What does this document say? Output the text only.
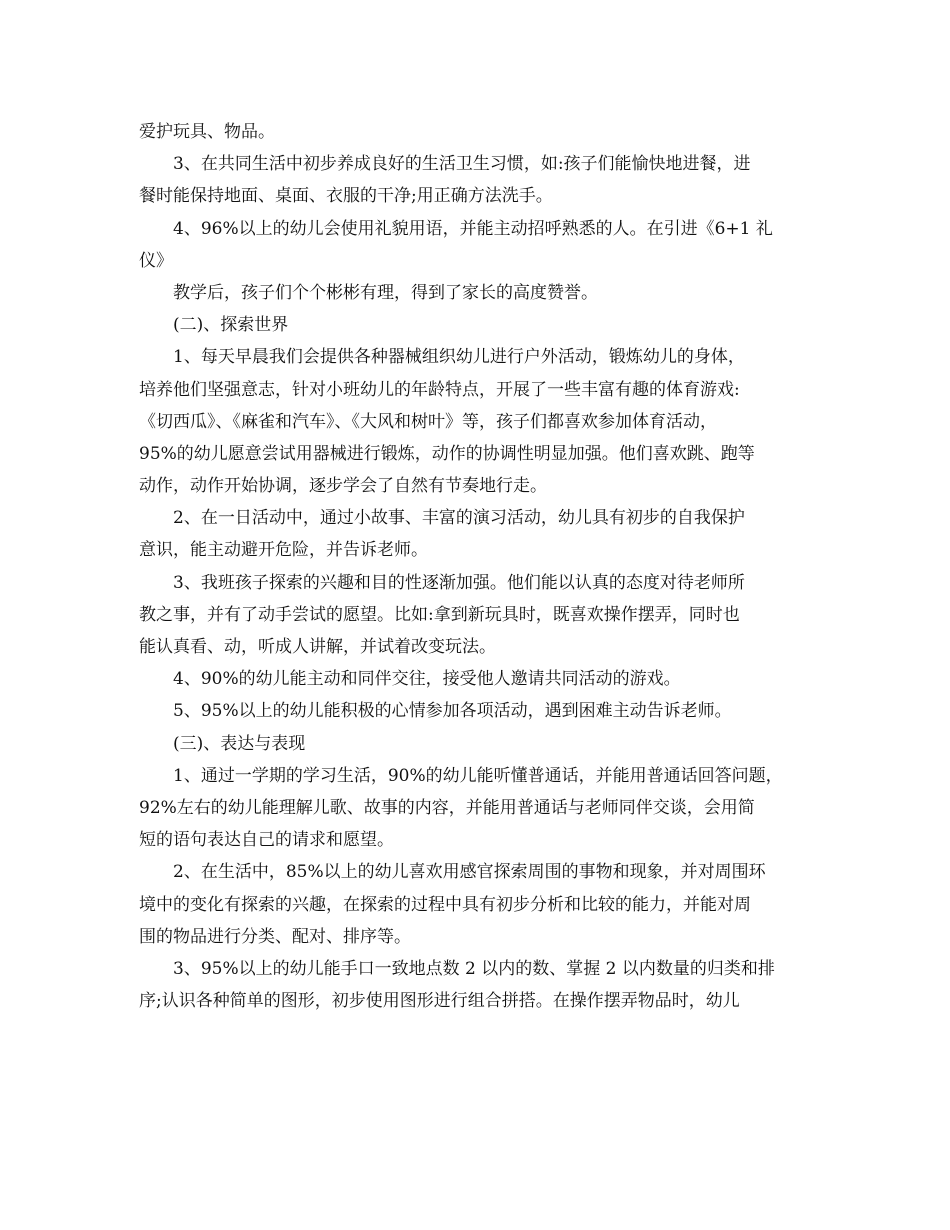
爱护玩具、物品。
3、在共同生活中初步养成良好的生活卫生习惯，如:孩子们能愉快地进餐，进
餐时能保持地面、桌面、衣服的干净;用正确方法洗手。
4、96%以上的幼儿会使用礼貌用语，并能主动招呼熟悉的人。在引进《6+1 礼
仪》
教学后，孩子们个个彬彬有理，得到了家长的高度赞誉。
(二)、探索世界
1、每天早晨我们会提供各种器械组织幼儿进行户外活动，锻炼幼儿的身体，
培养他们坚强意志，针对小班幼儿的年龄特点，开展了一些丰富有趣的体育游戏:
《切西瓜》、《麻雀和汽车》、《大风和树叶》等，孩子们都喜欢参加体育活动，
95%的幼儿愿意尝试用器械进行锻炼，动作的协调性明显加强。他们喜欢跳、跑等
动作，动作开始协调，逐步学会了自然有节奏地行走。
2、在一日活动中，通过小故事、丰富的演习活动，幼儿具有初步的自我保护
意识，能主动避开危险，并告诉老师。
3、我班孩子探索的兴趣和目的性逐渐加强。他们能以认真的态度对待老师所
教之事，并有了动手尝试的愿望。比如:拿到新玩具时，既喜欢操作摆弄，同时也
能认真看、动，听成人讲解，并试着改变玩法。
4、90%的幼儿能主动和同伴交往，接受他人邀请共同活动的游戏。
5、95%以上的幼儿能积极的心情参加各项活动，遇到困难主动告诉老师。
(三)、表达与表现
1、通过一学期的学习生活，90%的幼儿能听懂普通话，并能用普通话回答问题，
92%左右的幼儿能理解儿歌、故事的内容，并能用普通话与老师同伴交谈，会用简
短的语句表达自己的请求和愿望。
2、在生活中，85%以上的幼儿喜欢用感官探索周围的事物和现象，并对周围环
境中的变化有探索的兴趣，在探索的过程中具有初步分析和比较的能力，并能对周
围的物品进行分类、配对、排序等。
3、95%以上的幼儿能手口一致地点数 2 以内的数、掌握 2 以内数量的归类和排
序;认识各种简单的图形，初步使用图形进行组合拼搭。在操作摆弄物品时，幼儿
